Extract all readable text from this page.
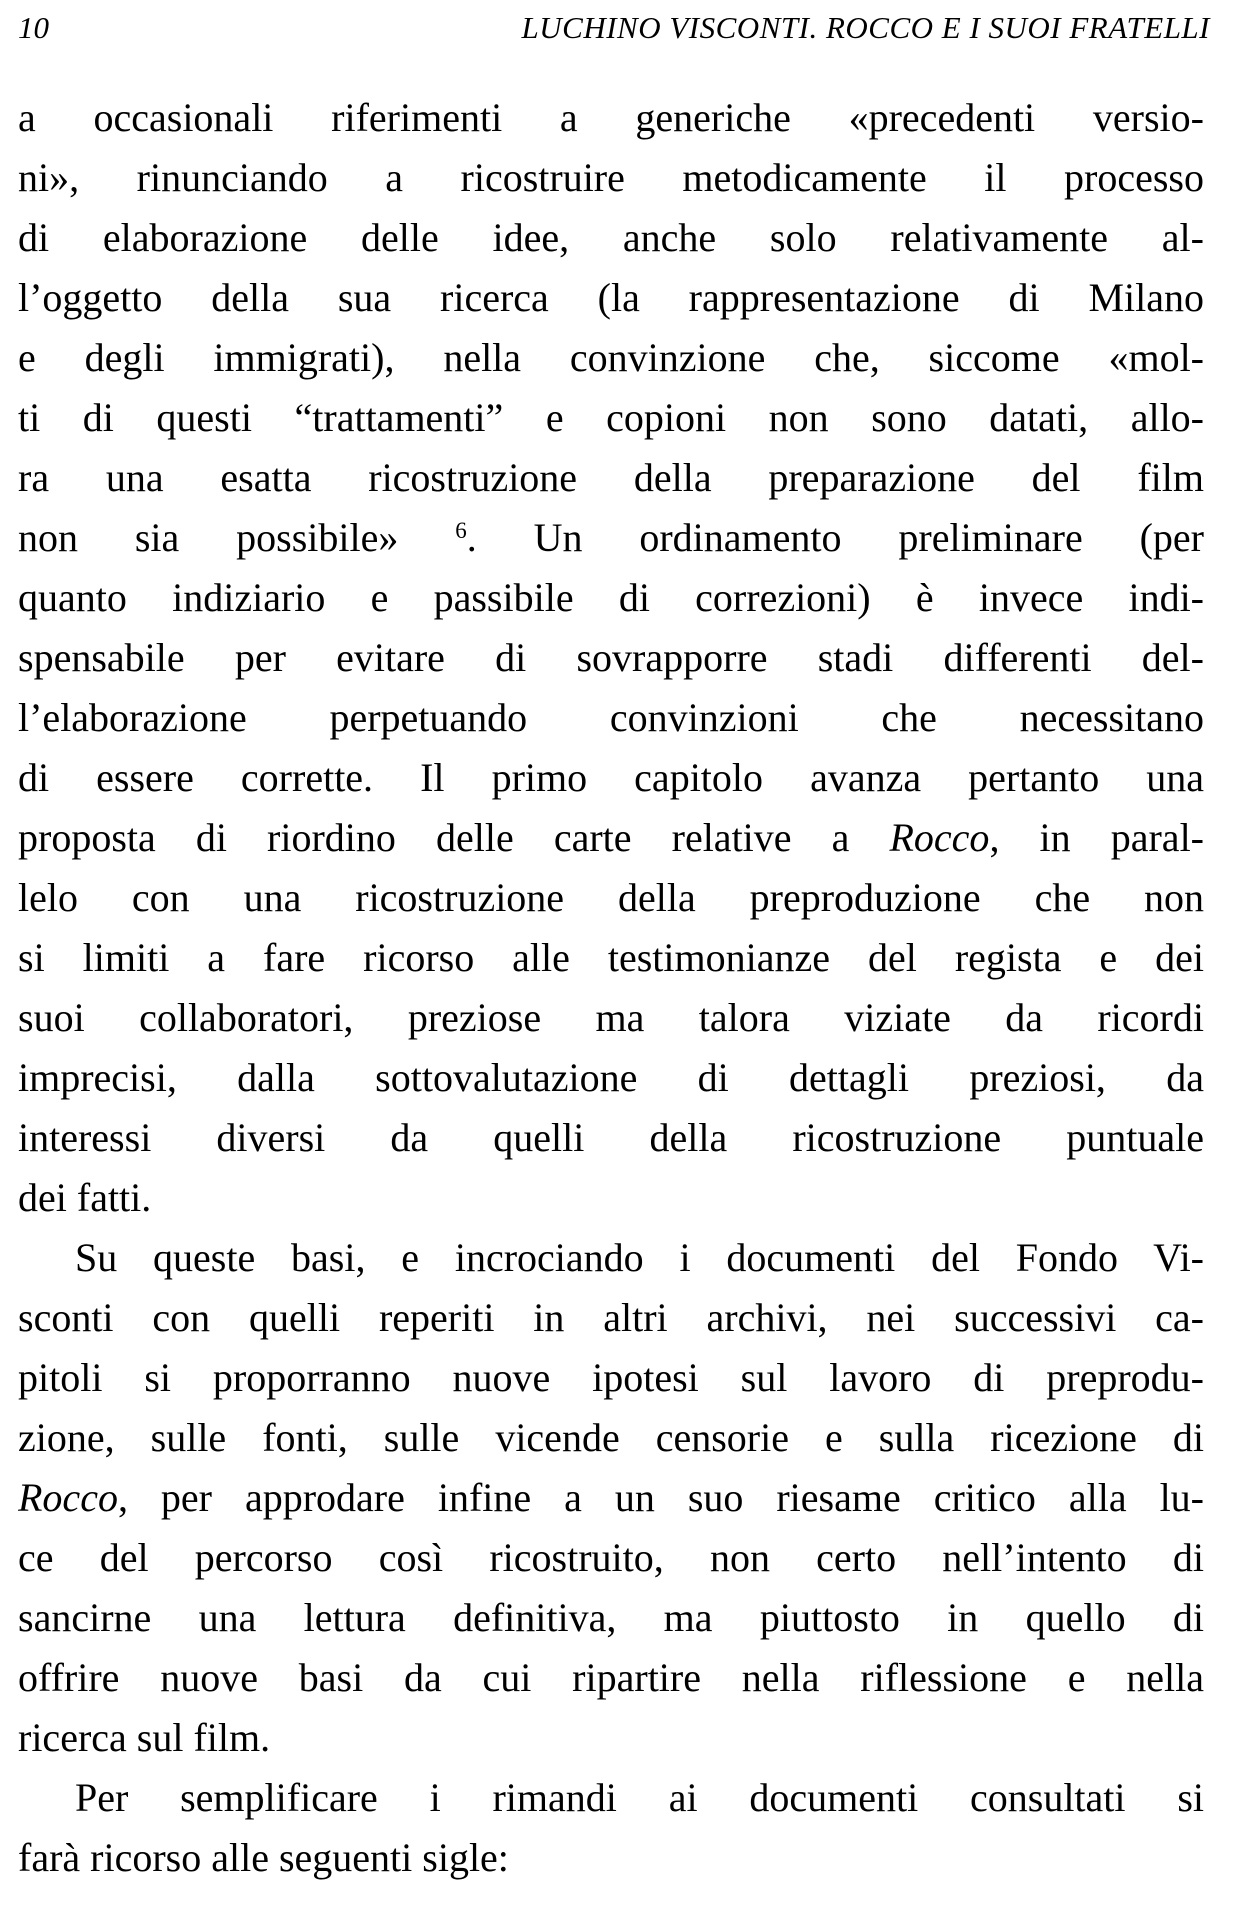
10	LUCHINO VISCONTI. ROCCO E I SUOI FRATELLI
a occasionali riferimenti a generiche «precedenti versio-
ni», rinunciando a ricostruire metodicamente il processo
di elaborazione delle idee, anche solo relativamente al-
l’oggetto della sua ricerca (la rappresentazione di Milano
e degli immigrati), nella convinzione che, siccome «mol-
ti di questi “trattamenti” e copioni non sono datati, allo-
ra una esatta ricostruzione della preparazione del film
non sia possibile» $^6$. Un ordinamento preliminare (per
quanto indiziario e passibile di correzioni) è invece indi-
spensabile per evitare di sovrapporre stadi differenti del-
l’elaborazione perpetuando convinzioni che necessitano
di essere corrette. Il primo capitolo avanza pertanto una
proposta di riordino delle carte relative a Rocco, in paral-
lelo con una ricostruzione della preproduzione che non
si limiti a fare ricorso alle testimonianze del regista e dei
suoi collaboratori, preziose ma talora viziate da ricordi
imprecisi, dalla sottovalutazione di dettagli preziosi, da
interessi diversi da quelli della ricostruzione puntuale
dei fatti.
Su queste basi, e incrociando i documenti del Fondo Vi-
sconti con quelli reperiti in altri archivi, nei successivi ca-
pitoli si proporranno nuove ipotesi sul lavoro di preprodu-
zione, sulle fonti, sulle vicende censorie e sulla ricezione di
Rocco, per approdare infine a un suo riesame critico alla lu-
ce del percorso così ricostruito, non certo nell’intento di
sancirne una lettura definitiva, ma piuttosto in quello di
offrire nuove basi da cui ripartire nella riflessione e nella
ricerca sul film.
Per semplificare i rimandi ai documenti consultati si
farà ricorso alle seguenti sigle:
